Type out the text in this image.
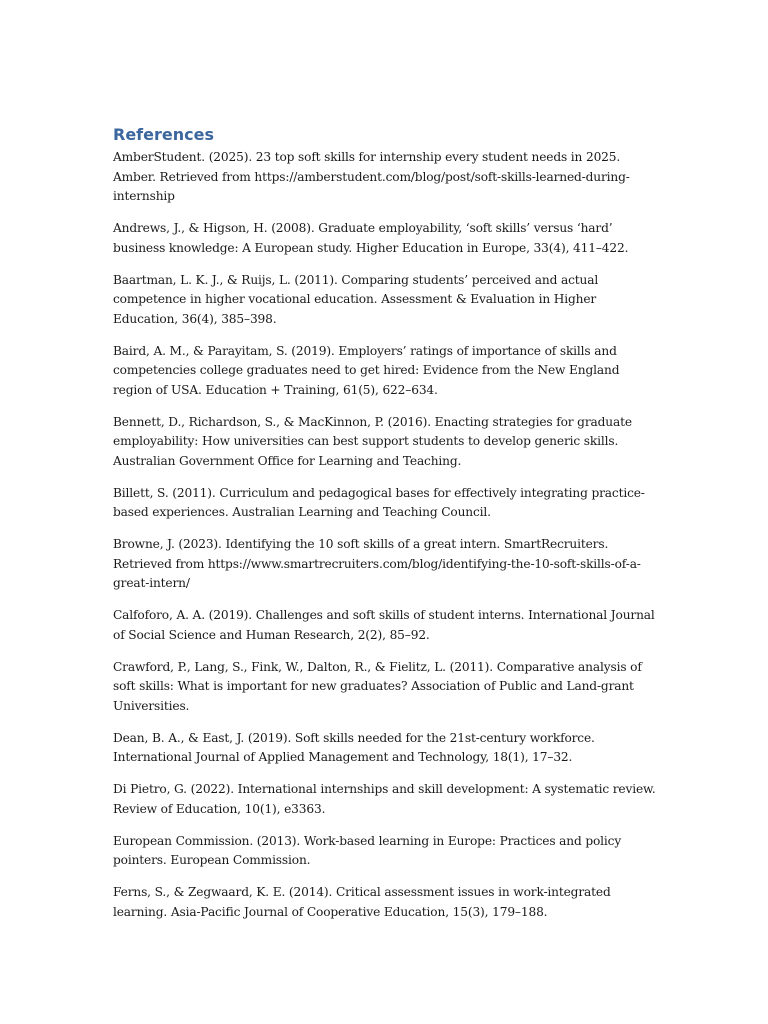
References
AmberStudent. (2025). 23 top soft skills for internship every student needs in 2025. Amber. Retrieved from https://amberstudent.com/blog/post/soft-skills-learned-during-internship
Andrews, J., & Higson, H. (2008). Graduate employability, ‘soft skills’ versus ‘hard’ business knowledge: A European study. Higher Education in Europe, 33(4), 411–422.
Baartman, L. K. J., & Ruijs, L. (2011). Comparing students’ perceived and actual competence in higher vocational education. Assessment & Evaluation in Higher Education, 36(4), 385–398.
Baird, A. M., & Parayitam, S. (2019). Employers’ ratings of importance of skills and competencies college graduates need to get hired: Evidence from the New England region of USA. Education + Training, 61(5), 622–634.
Bennett, D., Richardson, S., & MacKinnon, P. (2016). Enacting strategies for graduate employability: How universities can best support students to develop generic skills. Australian Government Office for Learning and Teaching.
Billett, S. (2011). Curriculum and pedagogical bases for effectively integrating practice-based experiences. Australian Learning and Teaching Council.
Browne, J. (2023). Identifying the 10 soft skills of a great intern. SmartRecruiters. Retrieved from https://www.smartrecruiters.com/blog/identifying-the-10-soft-skills-of-a-great-intern/
Calfoforo, A. A. (2019). Challenges and soft skills of student interns. International Journal of Social Science and Human Research, 2(2), 85–92.
Crawford, P., Lang, S., Fink, W., Dalton, R., & Fielitz, L. (2011). Comparative analysis of soft skills: What is important for new graduates? Association of Public and Land-grant Universities.
Dean, B. A., & East, J. (2019). Soft skills needed for the 21st-century workforce. International Journal of Applied Management and Technology, 18(1), 17–32.
Di Pietro, G. (2022). International internships and skill development: A systematic review. Review of Education, 10(1), e3363.
European Commission. (2013). Work-based learning in Europe: Practices and policy pointers. European Commission.
Ferns, S., & Zegwaard, K. E. (2014). Critical assessment issues in work-integrated learning. Asia-Pacific Journal of Cooperative Education, 15(3), 179–188.
